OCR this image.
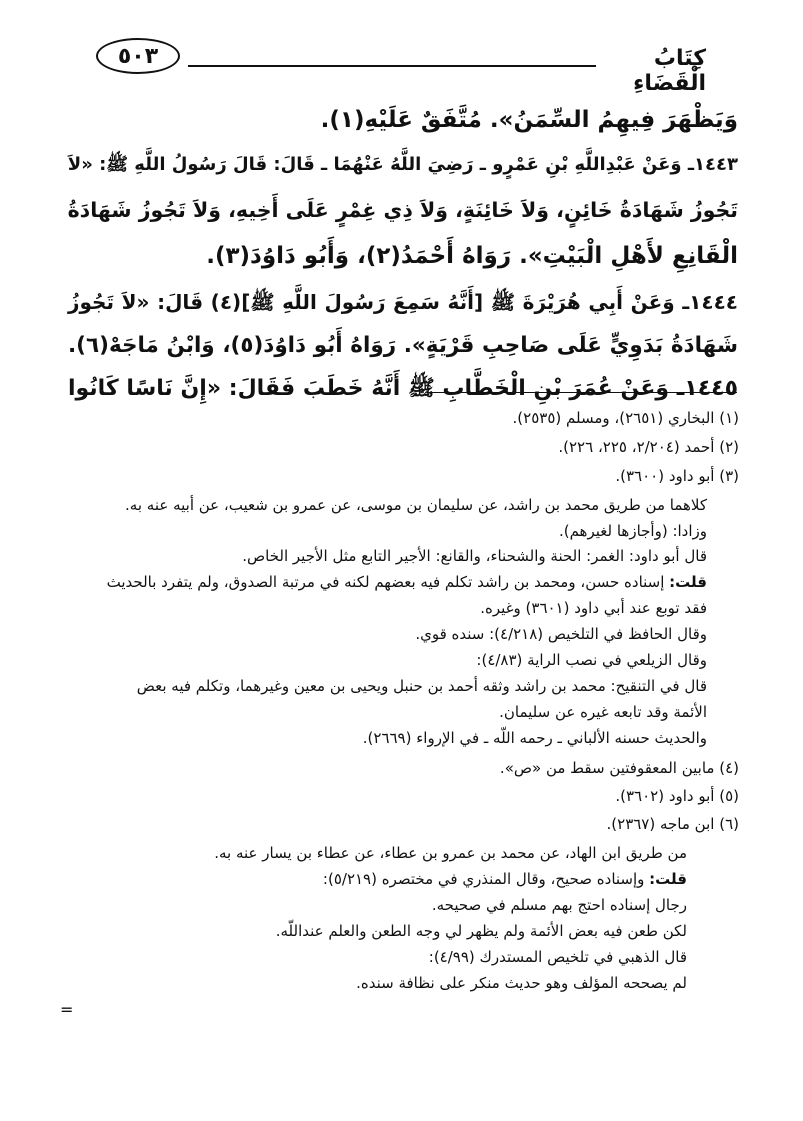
٥٠٣	كِتَابُ الْقَضَاءِ
وَيَظْهَرَ فِيهِمُ السِّمَنُ». مُتَّفَقٌ عَلَيْهِ(١).
١٤٤٣ـ وَعَنْ عَبْدِاللَّهِ بْنِ عَمْرٍو ـ رَضِيَ اللَّهُ عَنْهُمَا ـ قَالَ: قَالَ رَسُولُ اللَّهِ ﷺ: «لاَ
تَجُوزُ شَهَادَةُ خَائِنٍ، وَلاَ خَائِنَةٍ، وَلاَ ذِي غِمْرٍ عَلَى أَخِيهِ، وَلاَ تَجُوزُ شَهَادَةُ
الْقَانِعِ لأَهْلِ الْبَيْتِ». رَوَاهُ أَحْمَدُ(٢)، وَأَبُو دَاوُدَ(٣).
١٤٤٤ـ وَعَنْ أَبِي هُرَيْرَةَ ﷺ [أَنَّهُ سَمِعَ رَسُولَ اللَّهِ ﷺ](٤) قَالَ: «لاَ تَجُوزُ
شَهَادَةُ بَدَوِيٍّ عَلَى صَاحِبِ قَرْيَةٍ». رَوَاهُ أَبُو دَاوُدَ(٥)، وَابْنُ مَاجَهْ(٦).
١٤٤٥ـ وَعَنْ عُمَرَ بْنِ الْخَطَّابِ ﷺ أَنَّهُ خَطَبَ فَقَالَ: «إِنَّ نَاسًا كَانُوا
(١) البخاري (٢٦٥١)، ومسلم (٢٥٣٥).
(٢) أحمد (٢/٢٠٤، ٢٢٥، ٢٢٦).
(٣) أبو داود (٣٦٠٠).
كلاهما من طريق محمد بن راشد، عن سليمان بن موسى، عن عمرو بن شعيب، عن أبيه عنه به.
وزادا: (وأجازها لغيرهم).
قال أبو داود: الغمر: الحنة والشحناء، والقانع: الأجير التابع مثل الأجير الخاص.
قلت: إسناده حسن، ومحمد بن راشد تكلم فيه بعضهم لكنه في مرتبة الصدوق، ولم يتفرد بالحديث
فقد توبع عند أبي داود (٣٦٠١) وغيره.
وقال الحافظ في التلخيص (٤/٢١٨): سنده قوي.
وقال الزيلعي في نصب الراية (٤/٨٣):
قال في التنقيح: محمد بن راشد وثقه أحمد بن حنبل ويحيى بن معين وغيرهما، وتكلم فيه بعض
الأئمة وقد تابعه غيره عن سليمان.
والحديث حسنه الألباني ـ رحمه اللّه ـ في الإرواء (٢٦٦٩).
(٤) مابين المعقوفتين سقط من «ص».
(٥) أبو داود (٣٦٠٢).
(٦) ابن ماجه (٢٣٦٧).
من طريق ابن الهاد، عن محمد بن عمرو بن عطاء، عن عطاء بن يسار عنه به.
قلت: وإسناده صحيح، وقال المنذري في مختصره (٥/٢١٩):
رجال إسناده احتج بهم مسلم في صحيحه.
لكن طعن فيه بعض الأئمة ولم يظهر لي وجه الطعن والعلم عنداللّه.
قال الذهبي في تلخيص المستدرك (٤/٩٩):
لم يصححه المؤلف وهو حديث منكر على نظافة سنده.
=
